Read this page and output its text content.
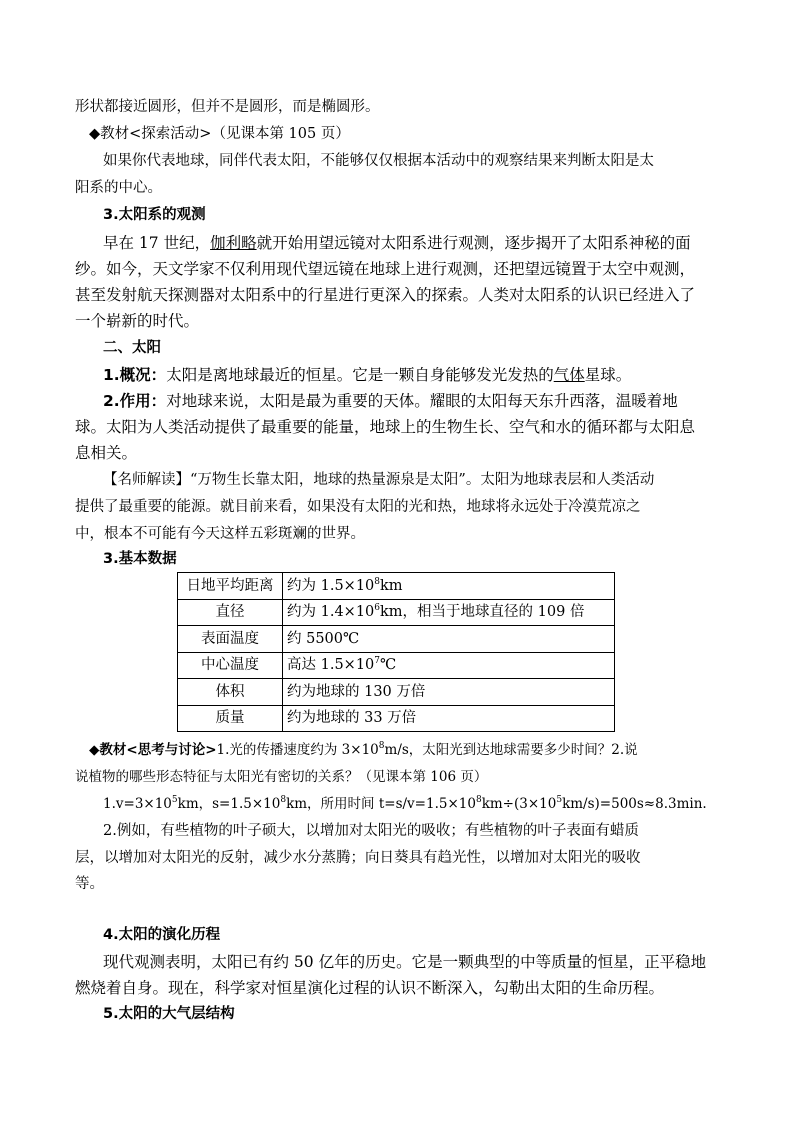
形状都接近圆形，但并不是圆形，而是椭圆形。
◆教材<探索活动>（见课本第 105 页）
如果你代表地球，同伴代表太阳，不能够仅仅根据本活动中的观察结果来判断太阳是太
阳系的中心。
3.太阳系的观测
早在 17 世纪，伽利略就开始用望远镜对太阳系进行观测，逐步揭开了太阳系神秘的面
纱。如今，天文学家不仅利用现代望远镜在地球上进行观测，还把望远镜置于太空中观测，
甚至发射航天探测器对太阳系中的行星进行更深入的探索。人类对太阳系的认识已经进入了
一个崭新的时代。
二、太阳
1.概况：太阳是离地球最近的恒星。它是一颗自身能够发光发热的气体星球。
2.作用：对地球来说，太阳是最为重要的天体。耀眼的太阳每天东升西落，温暖着地
球。太阳为人类活动提供了最重要的能量，地球上的生物生长、空气和水的循环都与太阳息
息相关。
【名师解读】“万物生长靠太阳，地球的热量源泉是太阳”。太阳为地球表层和人类活动
提供了最重要的能源。就目前来看，如果没有太阳的光和热，地球将永远处于冷漠荒凉之
中，根本不可能有今天这样五彩斑斓的世界。
3.基本数据
日地平均距离	约为 $1.5\times 10^8km$
直径	约为 $1.4\times 10^6km$，相当于地球直径的 109 倍
表面温度	约 5500℃
中心温度	高达 $1.5\times 10^7℃$
体积	约为地球的 130 万倍
质量	约为地球的 33 万倍
◆教材<思考与讨论>1.光的传播速度约为 $3\times 10^8m/s$，太阳光到达地球需要多少时间？2.说
说植物的哪些形态特征与太阳光有密切的关系？（见课本第 106 页）
$1.v=3\times 10^5km$，$s=1.5\times 10^8km$，所用时间 $t=s/v=1.5\times 10^8km\div(3\times 10^5km/s)=500s\approx 8.3\min$.
2.例如，有些植物的叶子硕大，以增加对太阳光的吸收；有些植物的叶子表面有蜡质
层，以增加对太阳光的反射，减少水分蒸腾；向日葵具有趋光性，以增加对太阳光的吸收
等。
4.太阳的演化历程
现代观测表明，太阳已有约 50 亿年的历史。它是一颗典型的中等质量的恒星，正平稳地
燃烧着自身。现在，科学家对恒星演化过程的认识不断深入，勾勒出太阳的生命历程。
5.太阳的大气层结构
